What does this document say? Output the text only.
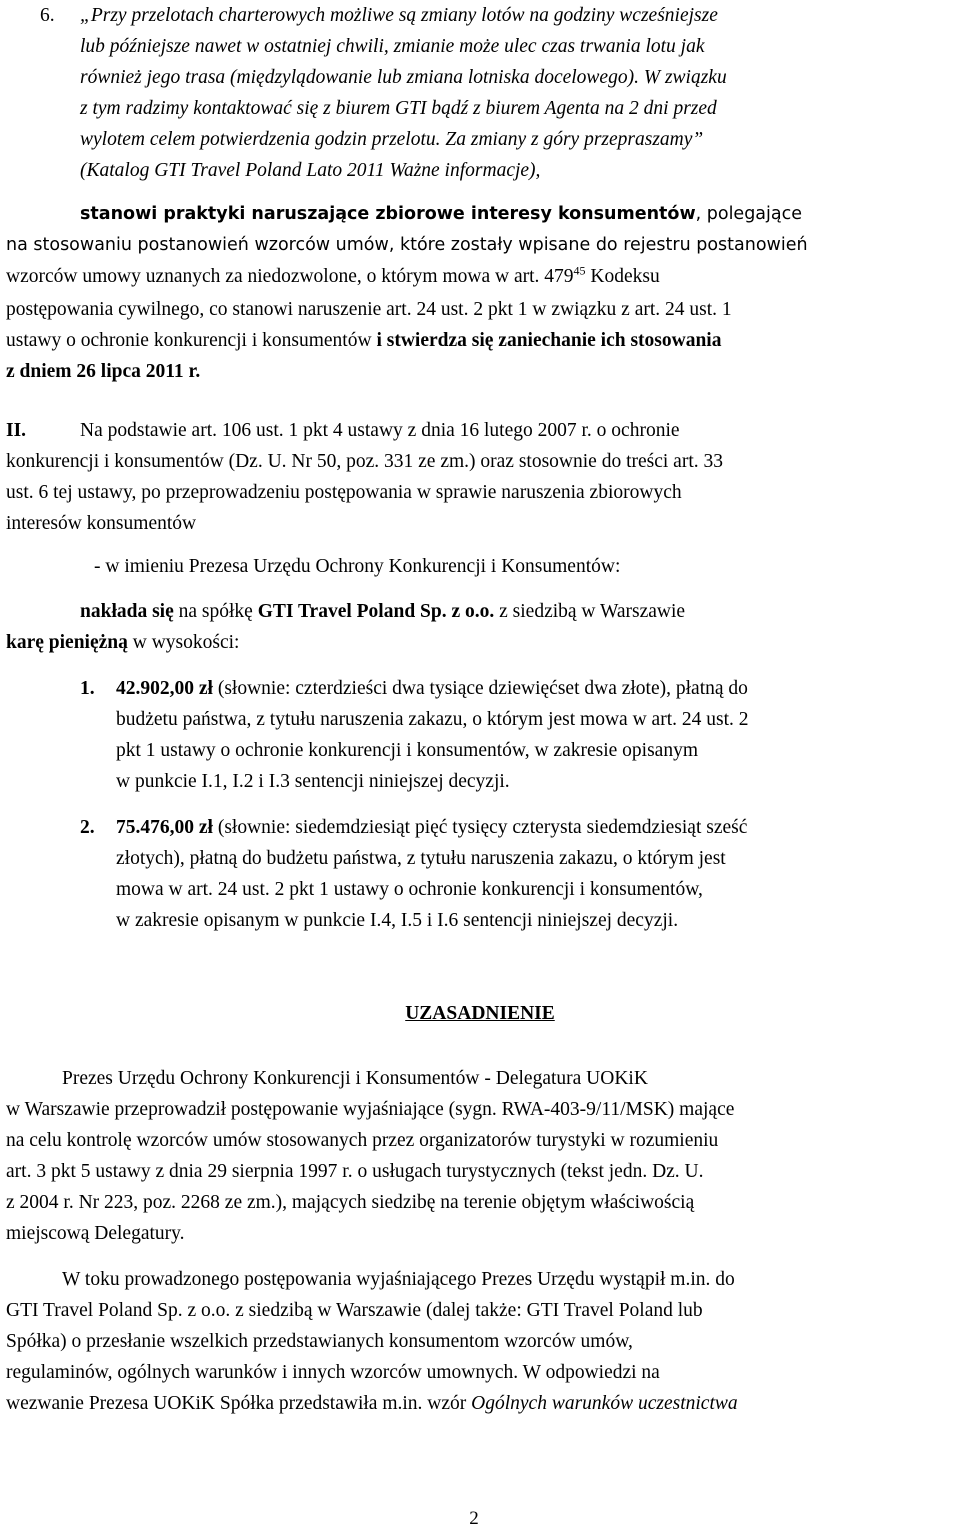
6. „Przy przelotach charterowych możliwe są zmiany lotów na godziny wcześniejsze

lub późniejsze nawet w ostatniej chwili, zmianie może ulec czas trwania lotu jak

również jego trasa (międzylądowanie lub zmiana lotniska docelowego). W związku

z tym radzimy kontaktować się z biurem GTI bądź z biurem Agenta na 2 dni przed

wylotem celem potwierdzenia godzin przelotu. Za zmiany z góry przepraszamy”

(Katalog GTI Travel Poland Lato 2011 Ważne informacje),

stanowi praktyki naruszające zbiorowe interesy konsumentów, polegające

na stosowaniu postanowień wzorców umów, które zostały wpisane do rejestru postanowień

wzorców umowy uznanych za niedozwolone, o którym mowa w art. $479^{45}$ Kodeksu

postępowania cywilnego, co stanowi naruszenie art. 24 ust. 2 pkt 1 w związku z art. 24 ust. 1

ustawy o ochronie konkurencji i konsumentów i stwierdza się zaniechanie ich stosowania

z dniem 26 lipca 2011 r.

II.	Na podstawie art. 106 ust. 1 pkt 4 ustawy z dnia 16 lutego 2007 r. o ochronie

konkurencji i konsumentów (Dz. U. Nr 50, poz. 331 ze zm.) oraz stosownie do treści art. 33

ust. 6 tej ustawy, po przeprowadzeniu postępowania w sprawie naruszenia zbiorowych

interesów konsumentów

- w imieniu Prezesa Urzędu Ochrony Konkurencji i Konsumentów:

nakłada się na spółkę GTI Travel Poland Sp. z o.o. z siedzibą w Warszawie

karę pieniężną w wysokości:

1. 42.902,00 zł (słownie: czterdzieści dwa tysiące dziewięćset dwa złote), płatną do

budżetu państwa, z tytułu naruszenia zakazu, o którym jest mowa w art. 24 ust. 2

pkt 1 ustawy o ochronie konkurencji i konsumentów, w zakresie opisanym

w punkcie I.1, I.2 i I.3 sentencji niniejszej decyzji.

2. 75.476,00 zł (słownie: siedemdziesiąt pięć tysięcy czterysta siedemdziesiąt sześć

złotych), płatną do budżetu państwa, z tytułu naruszenia zakazu, o którym jest

mowa w art. 24 ust. 2 pkt 1 ustawy o ochronie konkurencji i konsumentów,

w zakresie opisanym w punkcie I.4, I.5 i I.6 sentencji niniejszej decyzji.

UZASADNIENIE

Prezes Urzędu Ochrony Konkurencji i Konsumentów - Delegatura UOKiK

w Warszawie przeprowadził postępowanie wyjaśniające (sygn. RWA-403-9/11/MSK) mające

na celu kontrolę wzorców umów stosowanych przez organizatorów turystyki w rozumieniu

art. 3 pkt 5 ustawy z dnia 29 sierpnia 1997 r. o usługach turystycznych (tekst jedn. Dz. U.

z 2004 r. Nr 223, poz. 2268 ze zm.), mających siedzibę na terenie objętym właściwością

miejscową Delegatury.

W toku prowadzonego postępowania wyjaśniającego Prezes Urzędu wystąpił m.in. do

GTI Travel Poland Sp. z o.o. z siedzibą w Warszawie (dalej także: GTI Travel Poland lub

Spółka) o przesłanie wszelkich przedstawianych konsumentom wzorców umów,

regulaminów, ogólnych warunków i innych wzorców umownych. W odpowiedzi na

wezwanie Prezesa UOKiK Spółka przedstawiła m.in. wzór Ogólnych warunków uczestnictwa

2
